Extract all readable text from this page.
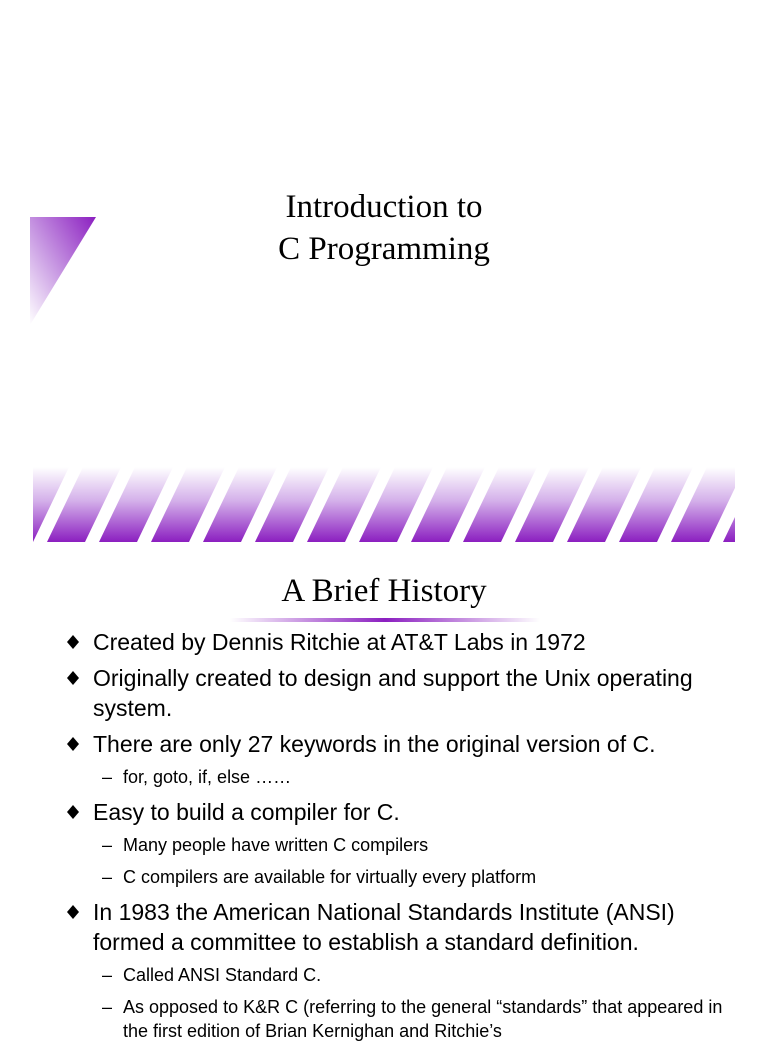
Introduction to
C Programming
A Brief History
Created by Dennis Ritchie at AT&T Labs in 1972
Originally created to design and support the Unix operating system.
There are only 27 keywords in the original version of C.
– for, goto, if, else ……
Easy to build a compiler for C.
– Many people have written C compilers
– C compilers are available for virtually every platform
In 1983 the American National Standards Institute (ANSI) formed a committee to establish a standard definition.
– Called ANSI Standard C.
– As opposed to K&R C (referring to the general “standards” that appeared in the first edition of Brian Kernighan and Ritchie’s
